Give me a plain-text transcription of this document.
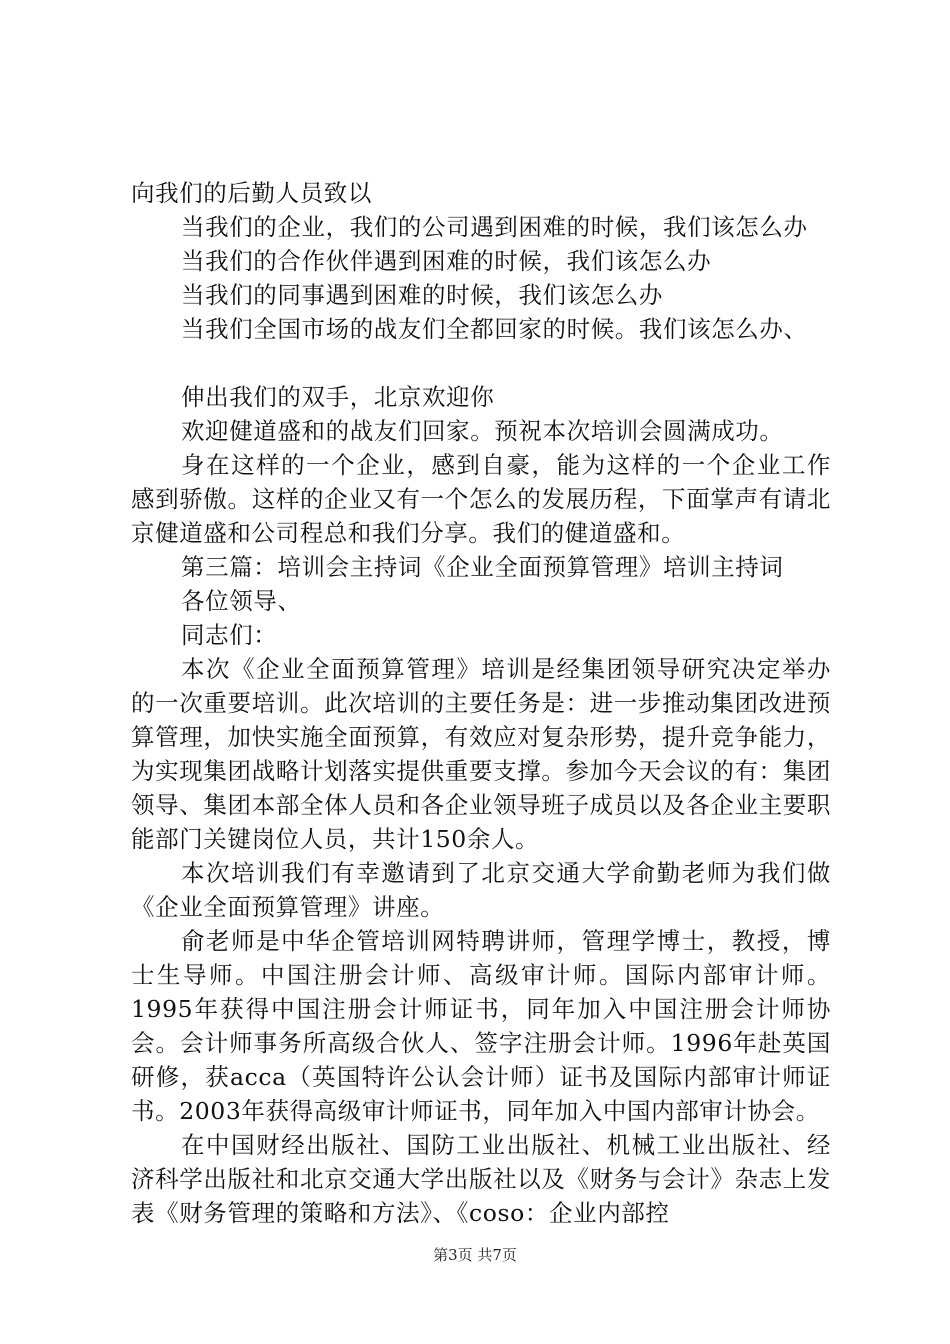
向我们的后勤人员致以

当我们的企业，我们的公司遇到困难的时候，我们该怎么办

当我们的合作伙伴遇到困难的时候，我们该怎么办

当我们的同事遇到困难的时候，我们该怎么办

当我们全国市场的战友们全都回家的时候。我们该怎么办、

伸出我们的双手，北京欢迎你

欢迎健道盛和的战友们回家。预祝本次培训会圆满成功。

身在这样的一个企业，感到自豪，能为这样的一个企业工作感到骄傲。这样的企业又有一个怎么的发展历程，下面掌声有请北京健道盛和公司程总和我们分享。我们的健道盛和。

第三篇：培训会主持词《企业全面预算管理》培训主持词

各位领导、

同志们：

本次《企业全面预算管理》培训是经集团领导研究决定举办的一次重要培训。此次培训的主要任务是：进一步推动集团改进预算管理，加快实施全面预算，有效应对复杂形势，提升竞争能力，为实现集团战略计划落实提供重要支撑。参加今天会议的有：集团领导、集团本部全体人员和各企业领导班子成员以及各企业主要职能部门关键岗位人员，共计150余人。

本次培训我们有幸邀请到了北京交通大学俞勤老师为我们做《企业全面预算管理》讲座。

俞老师是中华企管培训网特聘讲师，管理学博士，教授，博士生导师。中国注册会计师、高级审计师。国际内部审计师。1995年获得中国注册会计师证书，同年加入中国注册会计师协会。会计师事务所高级合伙人、签字注册会计师。1996年赴英国研修，获acca（英国特许公认会计师）证书及国际内部审计师证书。2003年获得高级审计师证书，同年加入中国内部审计协会。

在中国财经出版社、国防工业出版社、机械工业出版社、经济科学出版社和北京交通大学出版社以及《财务与会计》杂志上发表《财务管理的策略和方法》、《coso：企业内部控

第3页 共7页
